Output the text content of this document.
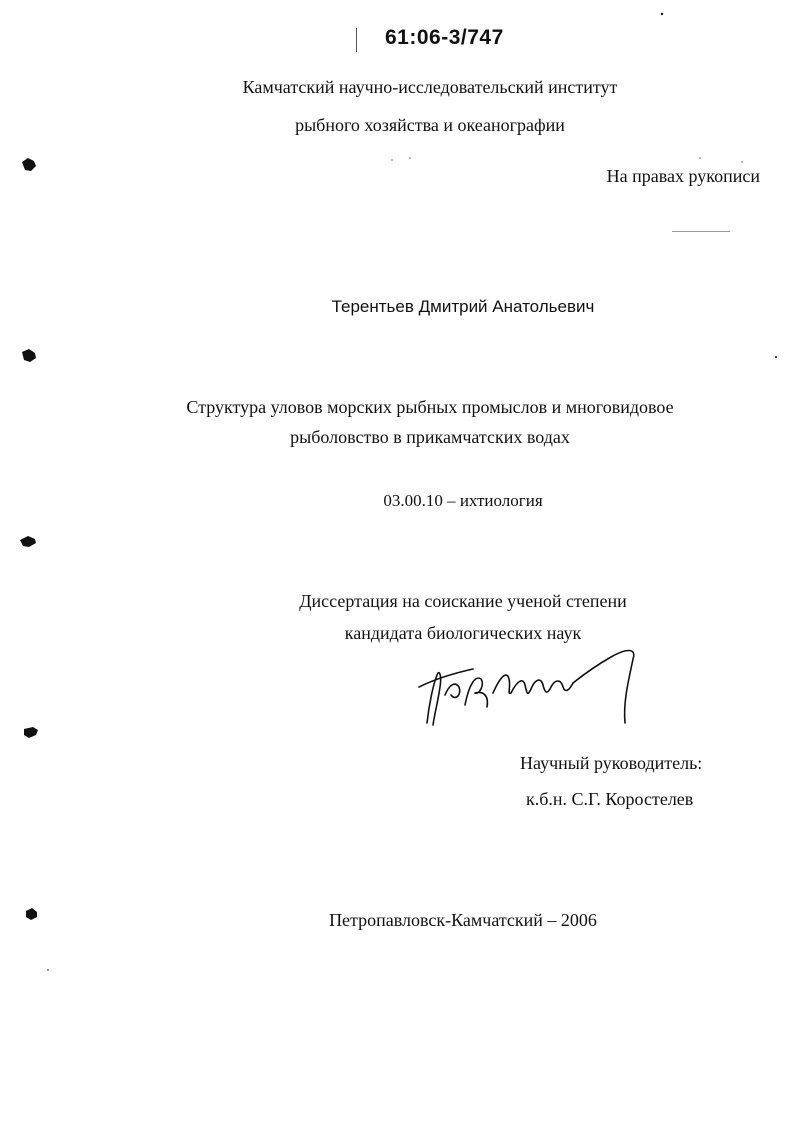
61:06-3/747
Камчатский научно-исследовательский институт
рыбного хозяйства и океанографии
На правах рукописи
Терентьев Дмитрий Анатольевич
Структура уловов морских рыбных промыслов и многовидовое
рыболовство в прикамчатских водах
03.00.10 – ихтиология
Диссертация на соискание ученой степени
кандидата биологических наук
Научный руководитель:
к.б.н. С.Г. Коростелев
Петропавловск-Камчатский – 2006
